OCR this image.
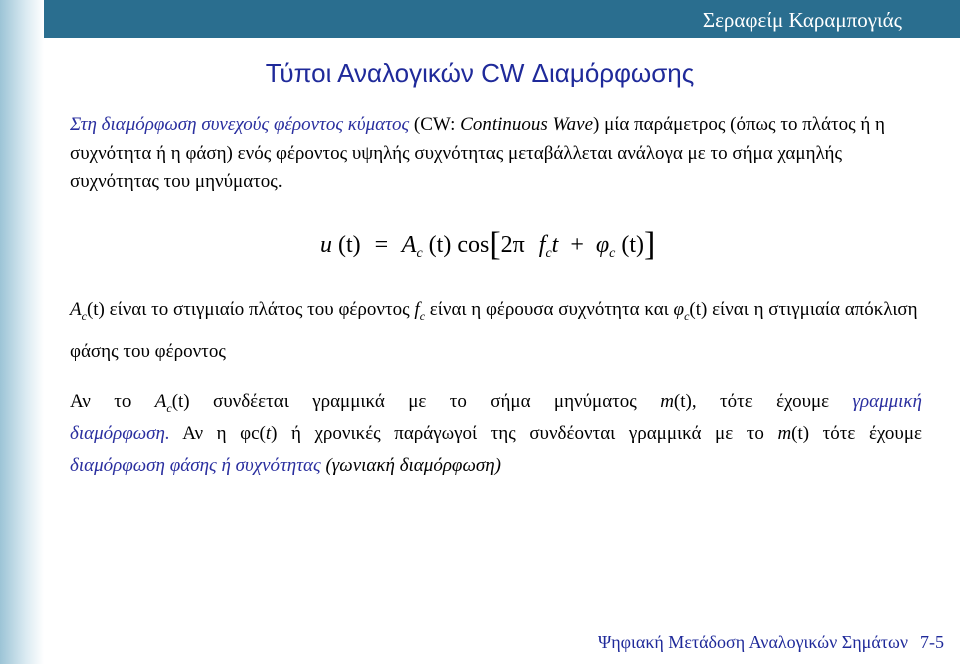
Σεραφείμ Καραμπογιάς
Τύποι Αναλογικών CW Διαμόρφωσης
Στη διαμόρφωση συνεχούς φέροντος κύματος (CW: Continuous Wave) μία παράμετρος (όπως το πλάτος ή η συχνότητα ή η φάση) ενός φέροντος υψηλής συχνότητας μεταβάλλεται ανάλογα με το σήμα χαμηλής συχνότητας του μηνύματος.
u $(t) = A_c$ (t) cos[2π $f_ct + \varphi_c$ (t)]
$A_c(t)$ είναι το στιγμιαίο πλάτος του φέροντος $f_c$ είναι η φέρουσα συχνότητα και $\varphi_c(t)$ είναι η στιγμιαία απόκλιση φάσης του φέροντος
Αν το $A_c(t)$ συνδέεται γραμμικά με το σήμα μηνύματος m(t), τότε έχουμε γραμμική
διαμόρφωση. Αν η φc(t) ή χρονικές παράγωγοί της συνδέονται γραμμικά με το m(t) τότε έχουμε
διαμόρφωση φάσης ή συχνότητας (γωνιακή διαμόρφωση)
Ψηφιακή Μετάδοση Αναλογικών Σημάτων 7-5
